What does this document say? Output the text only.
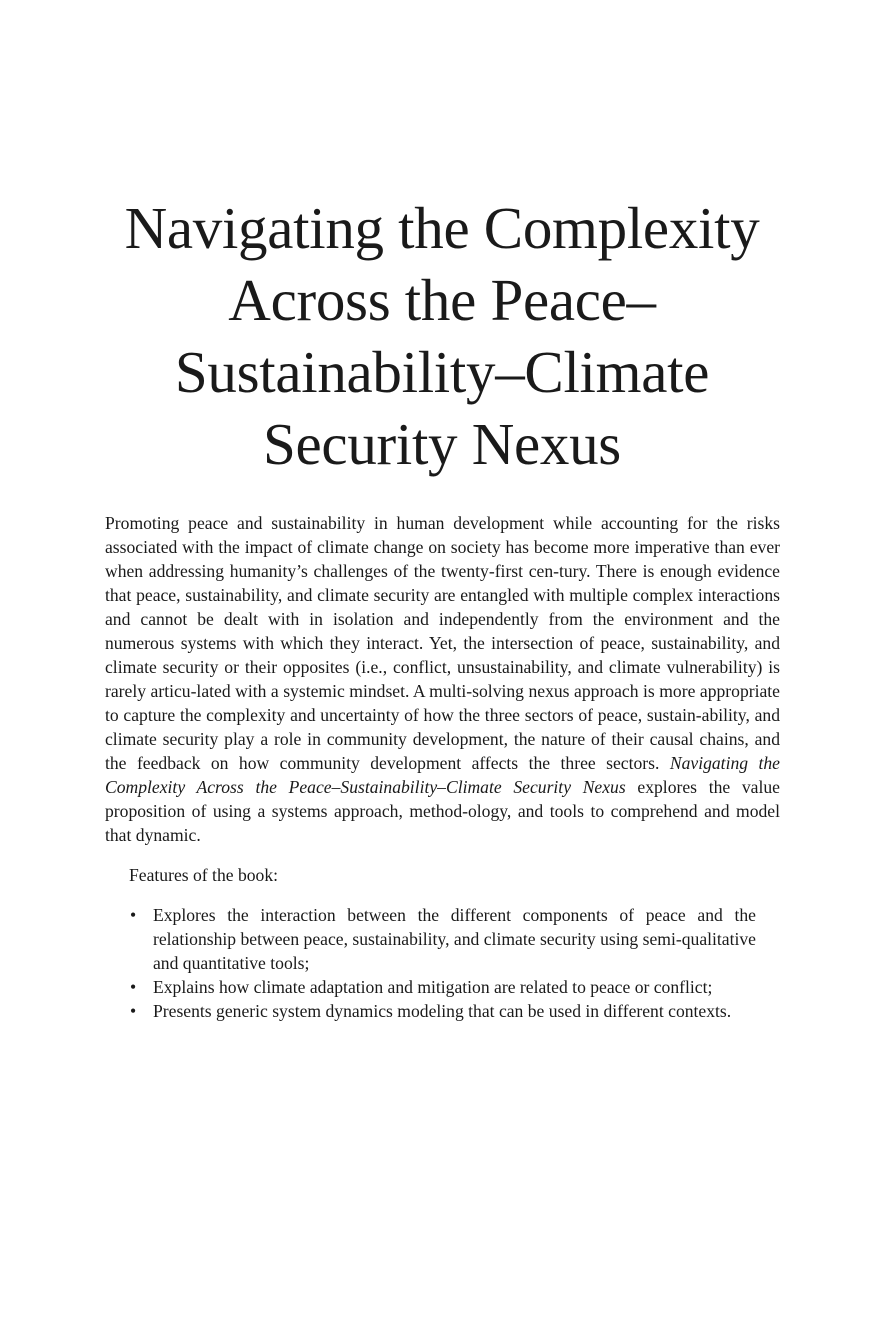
Navigating the Complexity
Across the Peace–
Sustainability–Climate
Security Nexus

Promoting peace and sustainability in human development while accounting for the risks associated with the impact of climate change on society has become more imperative than ever when addressing humanity’s challenges of the twenty-first cen-tury. There is enough evidence that peace, sustainability, and climate security are entangled with multiple complex interactions and cannot be dealt with in isolation and independently from the environment and the numerous systems with which they interact. Yet, the intersection of peace, sustainability, and climate security or their opposites (i.e., conflict, unsustainability, and climate vulnerability) is rarely articu-lated with a systemic mindset. A multi-solving nexus approach is more appropriate to capture the complexity and uncertainty of how the three sectors of peace, sustain-ability, and climate security play a role in community development, the nature of their causal chains, and the feedback on how community development affects the three sectors. Navigating the Complexity Across the Peace–Sustainability–Climate Security Nexus explores the value proposition of using a systems approach, method-ology, and tools to comprehend and model that dynamic.

Features of the book:

• Explores the interaction between the different components of peace and the relationship between peace, sustainability, and climate security using semi-qualitative and quantitative tools;
• Explains how climate adaptation and mitigation are related to peace or conflict;
• Presents generic system dynamics modeling that can be used in different contexts.
